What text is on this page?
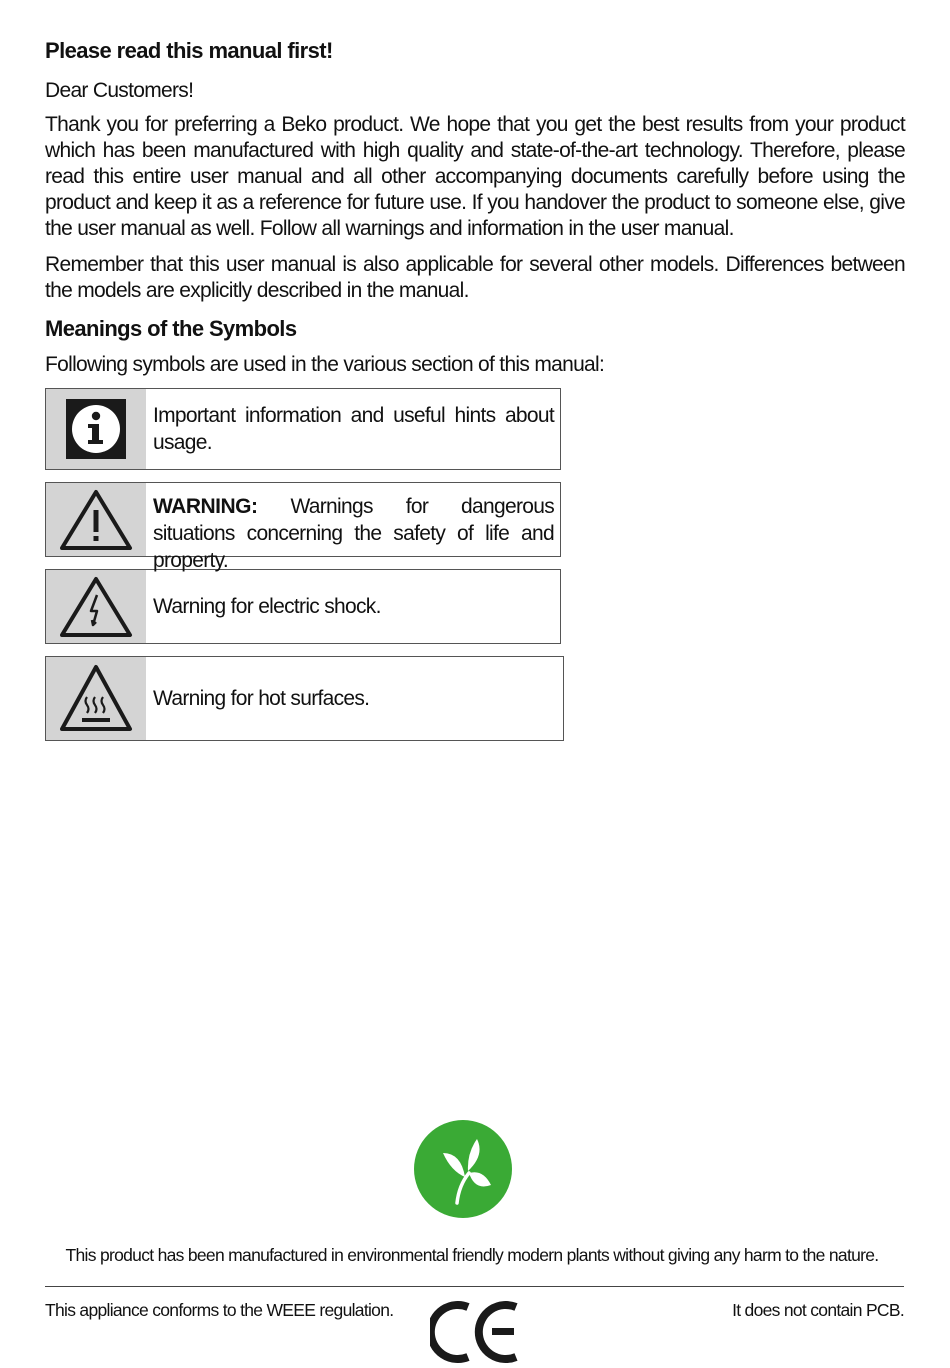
Please read this manual first!
Dear Customers!
Thank you for preferring a Beko product. We hope that you get the best results from your product which has been manufactured with high quality and state-of-the-art technology. Therefore, please read this entire user manual and all other accompanying documents carefully before using the product and keep it as a reference for future use. If you handover the product to someone else, give the user manual as well. Follow all warnings and information in the user manual.
Remember that this user manual is also applicable for several other models. Differences between the models are explicitly described in the manual.
Meanings of the Symbols
Following symbols are used in the various section of this manual:
Important information and useful hints about usage.
WARNING: Warnings for dangerous situations concerning the safety of life and property.
Warning for electric shock.
Warning for hot surfaces.
This product has been manufactured in environmental friendly modern plants without giving any harm to the nature.
This appliance conforms to the WEEE regulation.	It does not contain PCB.
